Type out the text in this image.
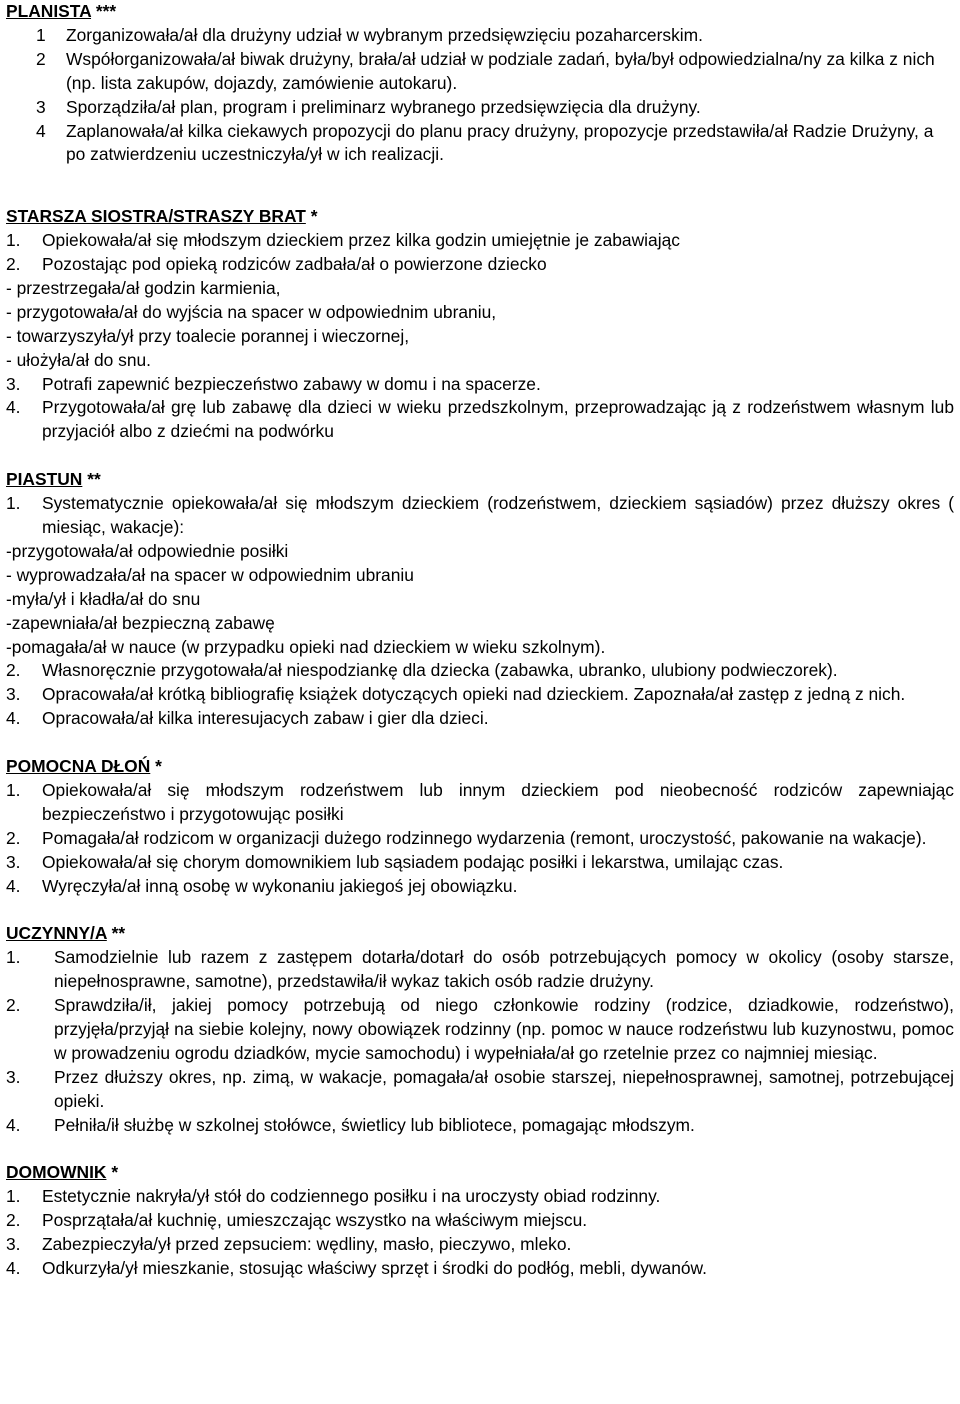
PLANISTA ***
1	Zorganizowała/ał dla drużyny udział w wybranym przedsięwzięciu pozaharcerskim.
2	Współorganizowała/ał biwak drużyny, brała/ał udział w podziale zadań, była/był odpowiedzialna/ny za kilka z nich (np. lista zakupów, dojazdy, zamówienie autokaru).
3	Sporządziła/ał plan, program i preliminarz wybranego przedsięwzięcia dla drużyny.
4	Zaplanowała/ał kilka ciekawych propozycji do planu pracy drużyny, propozycje przedstawiła/ał Radzie Drużyny, a po zatwierdzeniu uczestniczyła/ył w ich realizacji.
STARSZA SIOSTRA/STRASZY BRAT *
1.	Opiekowała/ał się młodszym dzieckiem przez kilka godzin umiejętnie je zabawiając
2.	Pozostając pod opieką rodziców zadbała/ał o powierzone dziecko
- przestrzegała/ał godzin karmienia,
- przygotowała/ał do wyjścia na spacer w odpowiednim ubraniu,
- towarzyszyła/ył przy toalecie porannej i wieczornej,
- ułożyła/ał do snu.
3.	Potrafi zapewnić bezpieczeństwo zabawy w domu i na spacerze.
4.	Przygotowała/ał grę lub zabawę dla dzieci w wieku przedszkolnym, przeprowadzając ją z rodzeństwem własnym lub przyjaciół albo z dziećmi na podwórku
PIASTUN **
1.	Systematycznie opiekowała/ał się młodszym dzieckiem (rodzeństwem, dzieckiem sąsiadów) przez dłuższy okres ( miesiąc, wakacje):
-przygotowała/ał odpowiednie posiłki
- wyprowadzała/ał na spacer w odpowiednim ubraniu
-myła/ył i kładła/ał do snu
-zapewniała/ał bezpieczną zabawę
-pomagała/ał w nauce (w przypadku opieki nad dzieckiem w wieku szkolnym).
2.	Własnoręcznie przygotowała/ał niespodziankę dla dziecka (zabawka, ubranko, ulubiony podwieczorek).
3.	Opracowała/ał krótką bibliografię książek dotyczących opieki nad dzieckiem. Zapoznała/ał zastęp z jedną z nich.
4.	Opracowała/ał kilka interesujacych zabaw i gier dla dzieci.
POMOCNA DŁOŃ *
1.	Opiekowała/ał się młodszym rodzeństwem lub innym dzieckiem pod nieobecność rodziców zapewniając bezpieczeństwo i przygotowując posiłki
2.	Pomagała/ał rodzicom w organizacji dużego rodzinnego wydarzenia (remont, uroczystość, pakowanie na wakacje).
3.	Opiekowała/ał się chorym domownikiem lub sąsiadem podając posiłki i lekarstwa, umilając czas.
4.	Wyręczyła/ał inną osobę w wykonaniu jakiegoś jej obowiązku.
UCZYNNY/A **
1.	Samodzielnie lub razem z zastępem dotarła/dotarł do osób potrzebujących pomocy w okolicy (osoby starsze, niepełnosprawne, samotne), przedstawiła/ił wykaz takich osób radzie drużyny.
2.	Sprawdziła/ił, jakiej pomocy potrzebują od niego członkowie rodziny (rodzice, dziadkowie, rodzeństwo), przyjęła/przyjął na siebie kolejny, nowy obowiązek rodzinny (np. pomoc w nauce rodzeństwu lub kuzynostwu, pomoc w prowadzeniu ogrodu dziadków, mycie samochodu) i wypełniała/ał go rzetelnie przez co najmniej miesiąc.
3.	Przez dłuższy okres, np. zimą, w wakacje, pomagała/ał osobie starszej, niepełnosprawnej, samotnej, potrzebującej opieki.
4.	Pełniła/ił służbę w szkolnej stołówce, świetlicy lub bibliotece, pomagając młodszym.
DOMOWNIK *
1.	Estetycznie nakryła/ył stół do codziennego posiłku i na uroczysty obiad rodzinny.
2.	Posprzątała/ał kuchnię, umieszczając wszystko na właściwym miejscu.
3.	Zabezpieczyła/ył przed zepsuciem: wędliny, masło, pieczywo, mleko.
4.	Odkurzyła/ył mieszkanie, stosując właściwy sprzęt i środki do podłóg, mebli, dywanów.
